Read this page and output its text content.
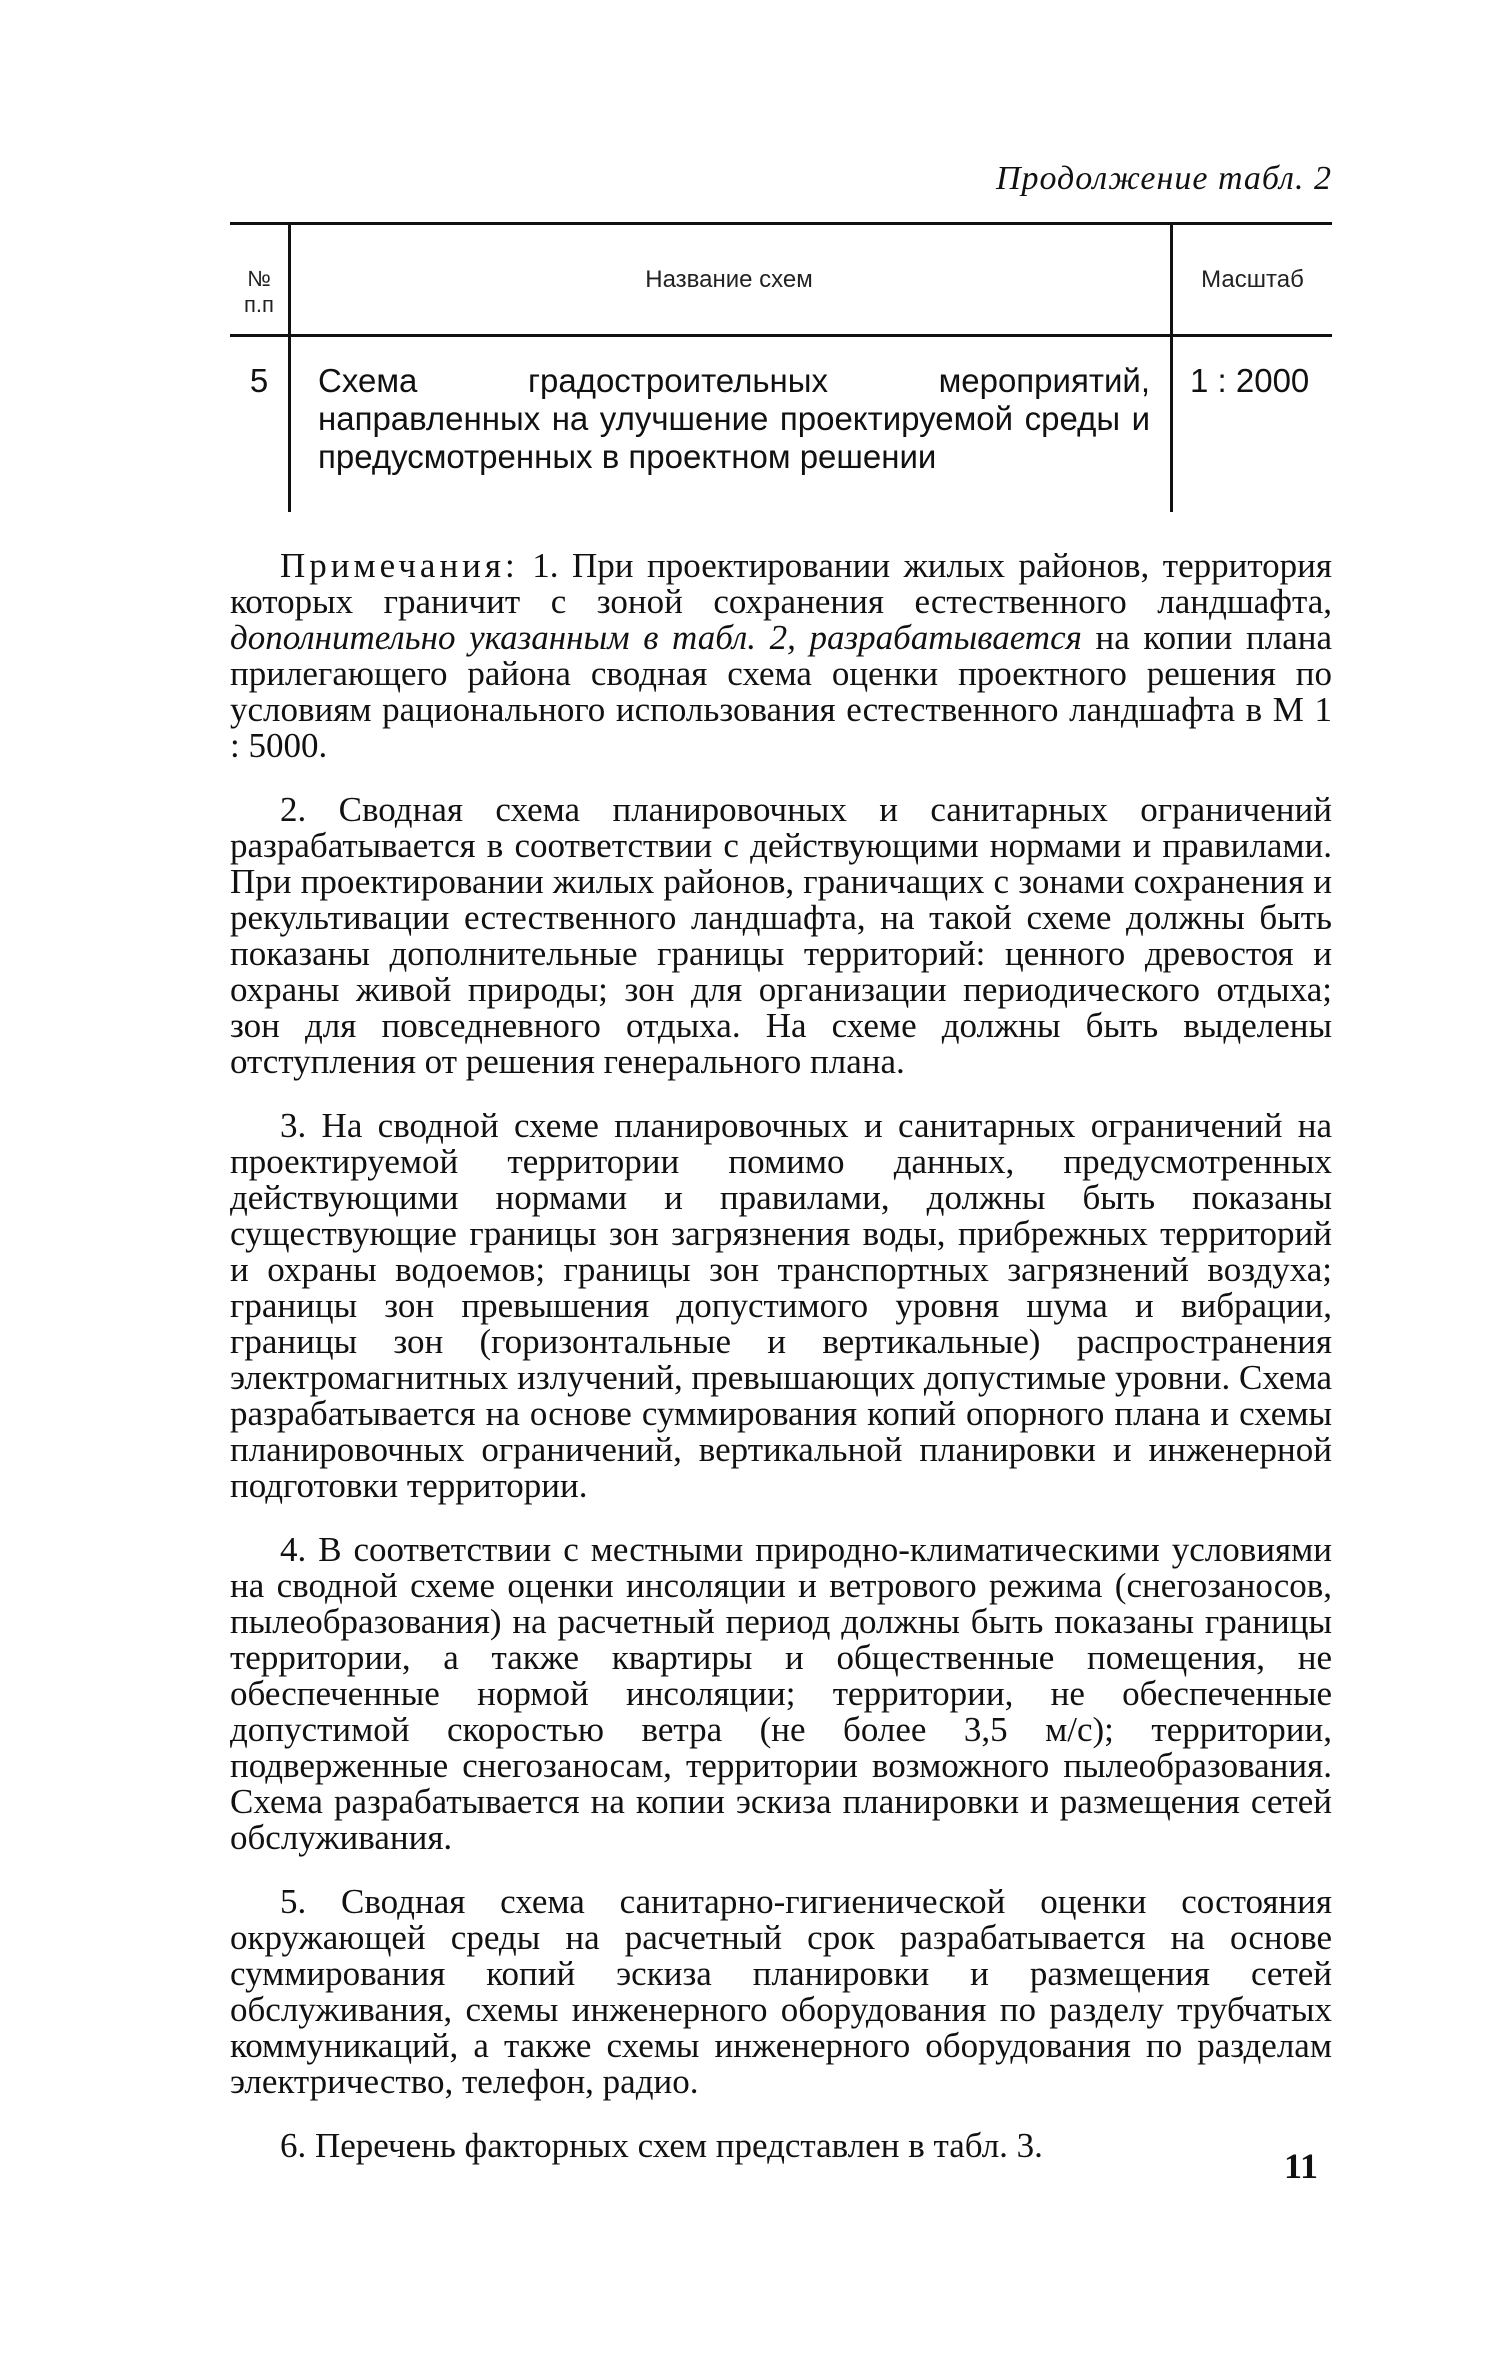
Продолжение табл. 2
№ п.п
Название схем	Масштаб
5	Схема градостроительных мероприятий, направленных на улучшение проектируемой среды и предусмотренных в проектном решении
1 : 2000

Примечания: 1. При проектировании жилых районов, территория которых граничит с зоной сохранения естественного ландшафта, дополнительно указанным в табл. 2, разрабатывается на копии плана прилегающего района сводная схема оценки проектного решения по условиям рационального использования естественного ландшафта в М 1 : 5000.

2. Сводная схема планировочных и санитарных ограничений разрабатывается в соответствии с действующими нормами и правилами. При проектировании жилых районов, граничащих с зонами сохранения и рекультивации естественного ландшафта, на такой схеме должны быть показаны дополнительные границы территорий: ценного древостоя и охраны живой природы; зон для организации периодического отдыха; зон для повседневного отдыха. На схеме должны быть выделены отступления от решения генерального плана.

3. На сводной схеме планировочных и санитарных ограничений на проектируемой территории помимо данных, предусмотренных действующими нормами и правилами, должны быть показаны существующие границы зон загрязнения воды, прибрежных территорий и охраны водоемов; границы зон транспортных загрязнений воздуха; границы зон превышения допустимого уровня шума и вибрации, границы зон (горизонтальные и вертикальные) распространения электромагнитных излучений, превышающих допустимые уровни. Схема разрабатывается на основе суммирования копий опорного плана и схемы планировочных ограничений, вертикальной планировки и инженерной подготовки территории.

4. В соответствии с местными природно-климатическими условиями на сводной схеме оценки инсоляции и ветрового режима (снегозаносов, пылеобразования) на расчетный период должны быть показаны границы территории, а также квартиры и общественные помещения, не обеспеченные нормой инсоляции; территории, не обеспеченные допустимой скоростью ветра (не более 3,5 м/с); территории, подверженные снегозаносам, территории возможного пылеобразования. Схема разрабатывается на копии эскиза планировки и размещения сетей обслуживания.

5. Сводная схема санитарно-гигиенической оценки состояния окружающей среды на расчетный срок разрабатывается на основе суммирования копий эскиза планировки и размещения сетей обслуживания, схемы инженерного оборудования по разделу трубчатых коммуникаций, а также схемы инженерного оборудования по разделам электричество, телефон, радио.

6. Перечень факторных схем представлен в табл. 3.

11
